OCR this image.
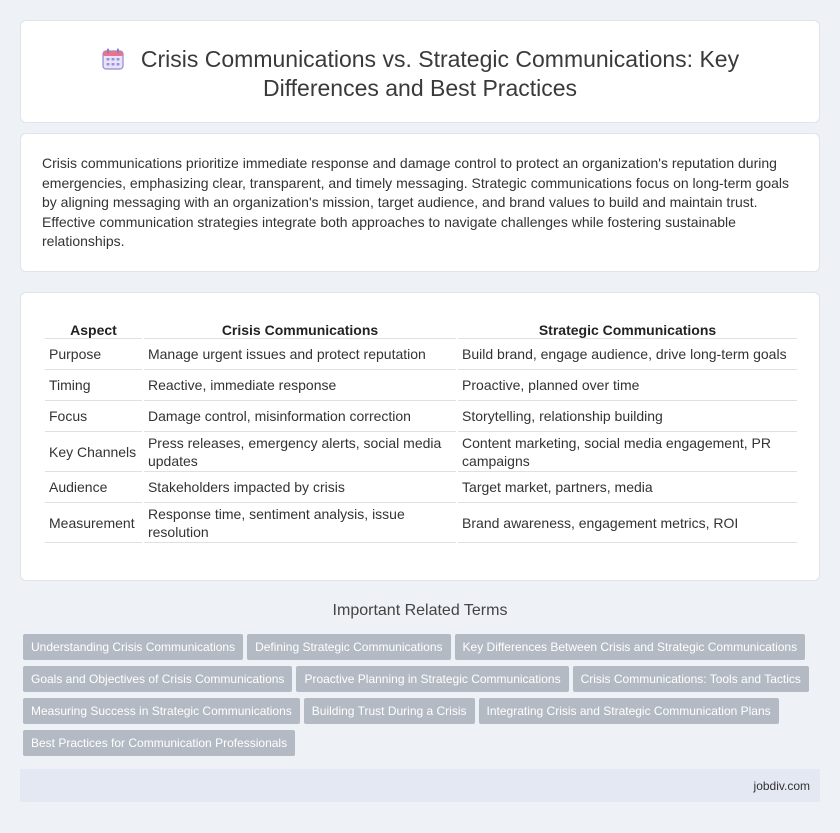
Crisis Communications vs. Strategic Communications: Key Differences and Best Practices

Crisis communications prioritize immediate response and damage control to protect an organization's reputation during emergencies, emphasizing clear, transparent, and timely messaging. Strategic communications focus on long-term goals by aligning messaging with an organization's mission, target audience, and brand values to build and maintain trust. Effective communication strategies integrate both approaches to navigate challenges while fostering sustainable relationships.

Aspect	Crisis Communications	Strategic Communications
Purpose	Manage urgent issues and protect reputation	Build brand, engage audience, drive long-term goals
Timing	Reactive, immediate response	Proactive, planned over time
Focus	Damage control, misinformation correction	Storytelling, relationship building
Key Channels	Press releases, emergency alerts, social media updates	Content marketing, social media engagement, PR campaigns
Audience	Stakeholders impacted by crisis	Target market, partners, media
Measurement	Response time, sentiment analysis, issue resolution	Brand awareness, engagement metrics, ROI
Important Related Terms
Understanding Crisis Communications Defining Strategic Communications Key Differences Between Crisis and Strategic Communications
Goals and Objectives of Crisis Communications Proactive Planning in Strategic Communications Crisis Communications: Tools and Tactics
Measuring Success in Strategic Communications Building Trust During a Crisis Integrating Crisis and Strategic Communication Plans
Best Practices for Communication Professionals
jobdiv.com
